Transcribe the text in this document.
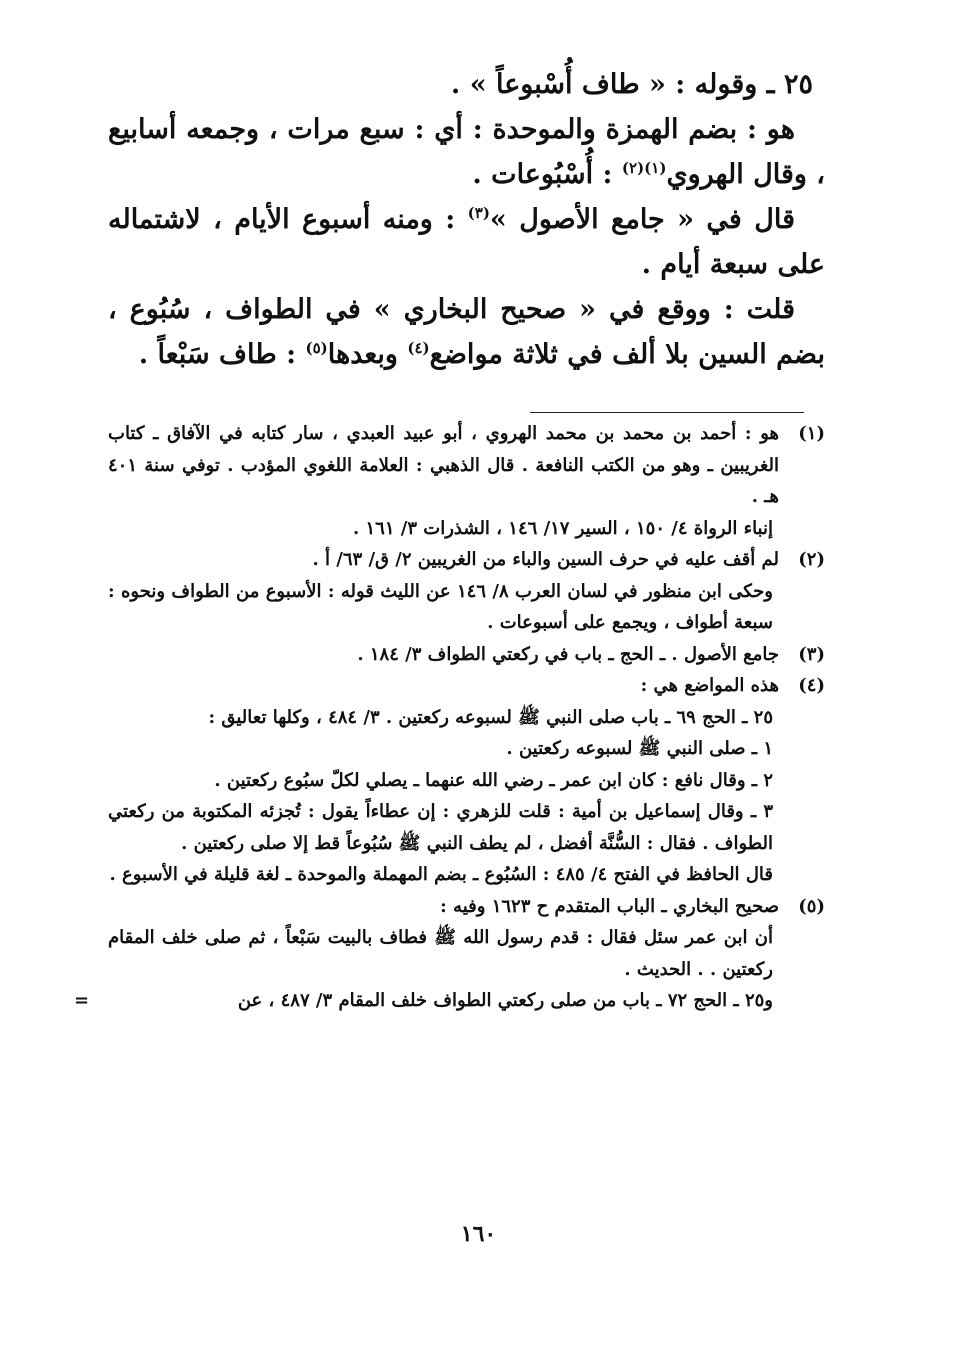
٢٥ ـ وقوله : « طاف أُسْبوعاً » .

هو : بضم الهمزة والموحدة : أي : سبع مرات ، وجمعه أسابيع ، وقال الهروي$^{(١)(٢)}$ : أُسْبُوعات .

قال في « جامع الأصول »$^{(٣)}$ : ومنه أسبوع الأيام ، لاشتماله على سبعة أيام .

قلت : ووقع في « صحيح البخاري » في الطواف ، سُبُوع ، بضم السين بلا ألف في ثلاثة مواضع$^{(٤)}$ وبعدها$^{(٥)}$ : طاف سَبْعاً .

(١)
هو : أحمد بن محمد بن محمد الهروي ، أبو عبيد العبدي ، سار كتابه في الآفاق ـ كتاب الغريبين ـ وهو من الكتب النافعة . قال الذهبي : العلامة اللغوي المؤدب . توفي سنة ٤٠١ هـ .

إنباء الرواة ٤/ ١٥٠ ، السير ١٧/ ١٤٦ ، الشذرات ٣/ ١٦١ .

(٢)
لم أقف عليه في حرف السين والباء من الغريبين ٢/ ق/ ٦٣/ أ .

وحكى ابن منظور في لسان العرب ٨/ ١٤٦ عن الليث قوله : الأسبوع من الطواف ونحوه : سبعة أطواف ، ويجمع على أسبوعات .

(٣)
جامع الأصول . ـ الحج ـ باب في ركعتي الطواف ٣/ ١٨٤ .

(٤)
هذه المواضع هي :

٢٥ ـ الحج ٦٩ ـ باب صلى النبي ﷺ لسبوعه ركعتين . ٣/ ٤٨٤ ، وكلها تعاليق :

١ ـ صلى النبي ﷺ لسبوعه ركعتين .

٢ ـ وقال نافع : كان ابن عمر ـ رضي الله عنهما ـ يصلي لكلّ سبُوع ركعتين .

٣ ـ وقال إسماعيل بن أمية : قلت للزهري : إن عطاءاً يقول : تُجزئه المكتوبة من ركعتي الطواف . فقال : السُّنَّة أفضل ، لم يطف النبي ﷺ سُبُوعاً قط إلا صلى ركعتين .

قال الحافظ في الفتح ٤/ ٤٨٥ : السُبُوع ـ بضم المهملة والموحدة ـ لغة قليلة في الأسبوع .

(٥)
صحيح البخاري ـ الباب المتقدم ح ١٦٢٣ وفيه :

أن ابن عمر سئل فقال : قدم رسول الله ﷺ فطاف بالبيت سَبْعاً ، ثم صلى خلف المقام ركعتين . . الحديث .

و٢٥ ـ الحج ٧٢ ـ باب من صلى ركعتي الطواف خلف المقام ٣/ ٤٨٧ ، عن
=

١٦٠
